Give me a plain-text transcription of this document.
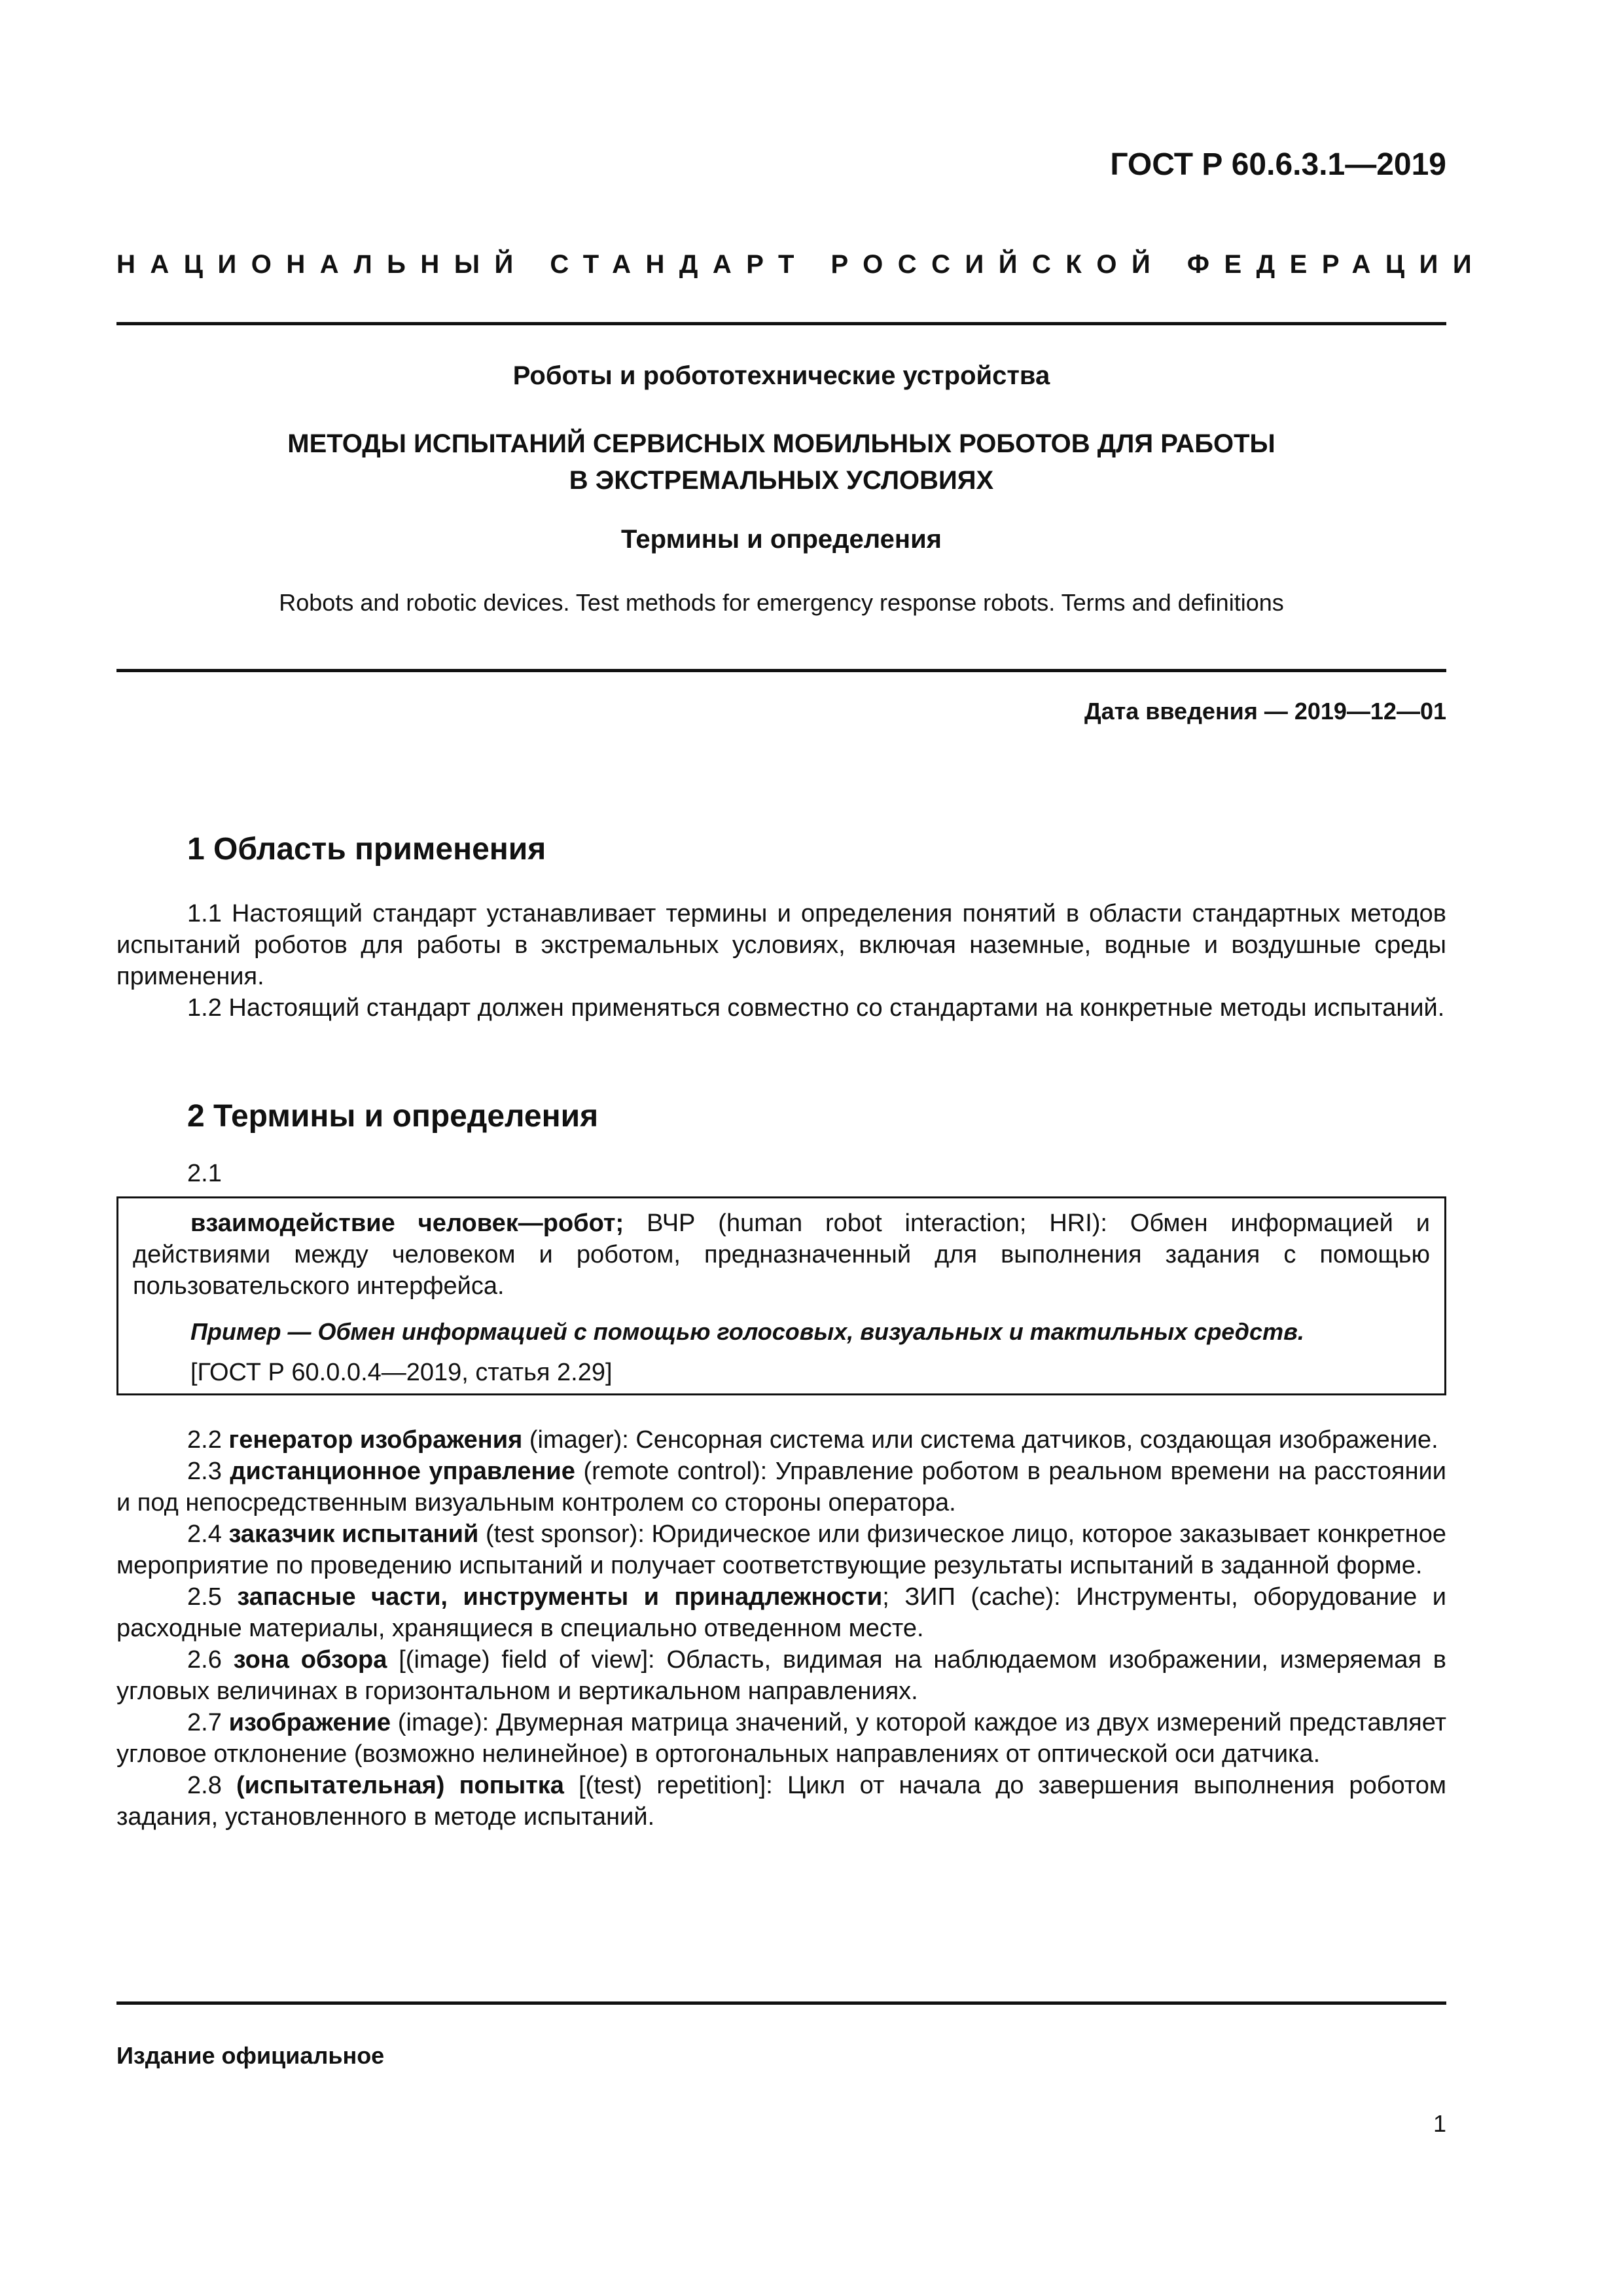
ГОСТ Р 60.6.3.1—2019
НАЦИОНАЛЬНЫЙ СТАНДАРТ РОССИЙСКОЙ ФЕДЕРАЦИИ
Роботы и робототехнические устройства
МЕТОДЫ ИСПЫТАНИЙ СЕРВИСНЫХ МОБИЛЬНЫХ РОБОТОВ ДЛЯ РАБОТЫ
В ЭКСТРЕМАЛЬНЫХ УСЛОВИЯХ
Термины и определения
Robots and robotic devices. Test methods for emergency response robots. Terms and definitions
Дата введения — 2019—12—01
1 Область применения

1.1 Настоящий стандарт устанавливает термины и определения понятий в области стандартных методов испытаний роботов для работы в экстремальных условиях, включая наземные, водные и воздушные среды применения.

1.2 Настоящий стандарт должен применяться совместно со стандартами на конкретные методы испытаний.

2 Термины и определения
2.1

взаимодействие человек—робот; ВЧР (human robot interaction; HRI): Обмен информацией и действиями между человеком и роботом, предназначенный для выполнения задания с помощью пользовательского интерфейса.

Пример — Обмен информацией с помощью голосовых, визуальных и тактильных средств.

[ГОСТ Р 60.0.0.4—2019, статья 2.29]

2.2 генератор изображения (imager): Сенсорная система или система датчиков, создающая изображение.

2.3 дистанционное управление (remote control): Управление роботом в реальном времени на расстоянии и под непосредственным визуальным контролем со стороны оператора.

2.4 заказчик испытаний (test sponsor): Юридическое или физическое лицо, которое заказывает конкретное мероприятие по проведению испытаний и получает соответствующие результаты испытаний в заданной форме.

2.5 запасные части, инструменты и принадлежности; ЗИП (cache): Инструменты, оборудование и расходные материалы, хранящиеся в специально отведенном месте.

2.6 зона обзора [(image) field of view]: Область, видимая на наблюдаемом изображении, измеряемая в угловых величинах в горизонтальном и вертикальном направлениях.

2.7 изображение (image): Двумерная матрица значений, у которой каждое из двух измерений представляет угловое отклонение (возможно нелинейное) в ортогональных направлениях от оптической оси датчика.

2.8 (испытательная) попытка [(test) repetition]: Цикл от начала до завершения выполнения роботом задания, установленного в методе испытаний.

Издание официальное
1
